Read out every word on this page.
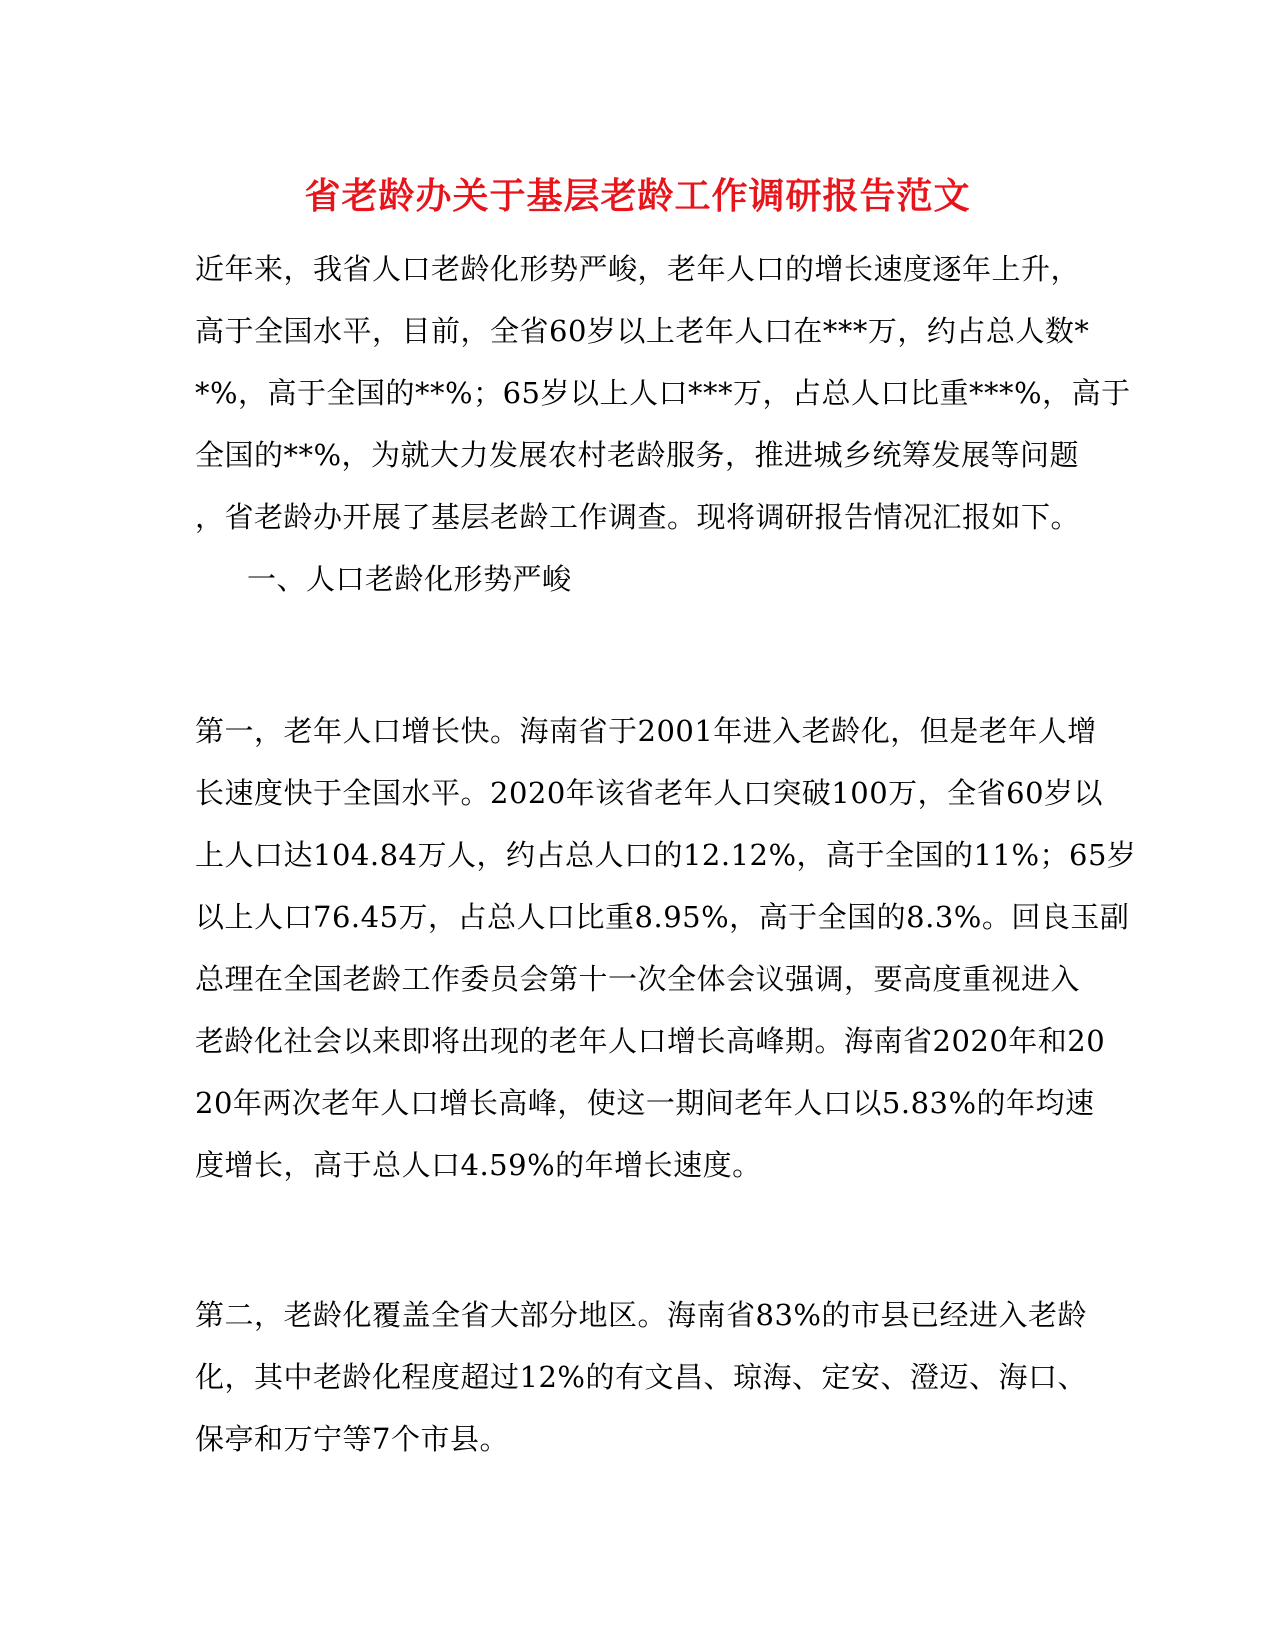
省老龄办关于基层老龄工作调研报告范文
近年来，我省人口老龄化形势严峻，老年人口的增长速度逐年上升，
高于全国水平，目前，全省60岁以上老年人口在***万，约占总人数*
*%，高于全国的**%；65岁以上人口***万，占总人口比重***%，高于
全国的**%，为就大力发展农村老龄服务，推进城乡统筹发展等问题
，省老龄办开展了基层老龄工作调查。现将调研报告情况汇报如下。
一、人口老龄化形势严峻
第一，老年人口增长快。海南省于2001年进入老龄化，但是老年人增
长速度快于全国水平。2020年该省老年人口突破100万，全省60岁以
上人口达104.84万人，约占总人口的12.12%，高于全国的11%；65岁
以上人口76.45万，占总人口比重8.95%，高于全国的8.3%。回良玉副
总理在全国老龄工作委员会第十一次全体会议强调，要高度重视进入
老龄化社会以来即将出现的老年人口增长高峰期。海南省2020年和20
20年两次老年人口增长高峰，使这一期间老年人口以5.83%的年均速
度增长，高于总人口4.59%的年增长速度。
第二，老龄化覆盖全省大部分地区。海南省83%的市县已经进入老龄
化，其中老龄化程度超过12%的有文昌、琼海、定安、澄迈、海口、
保亭和万宁等7个市县。
